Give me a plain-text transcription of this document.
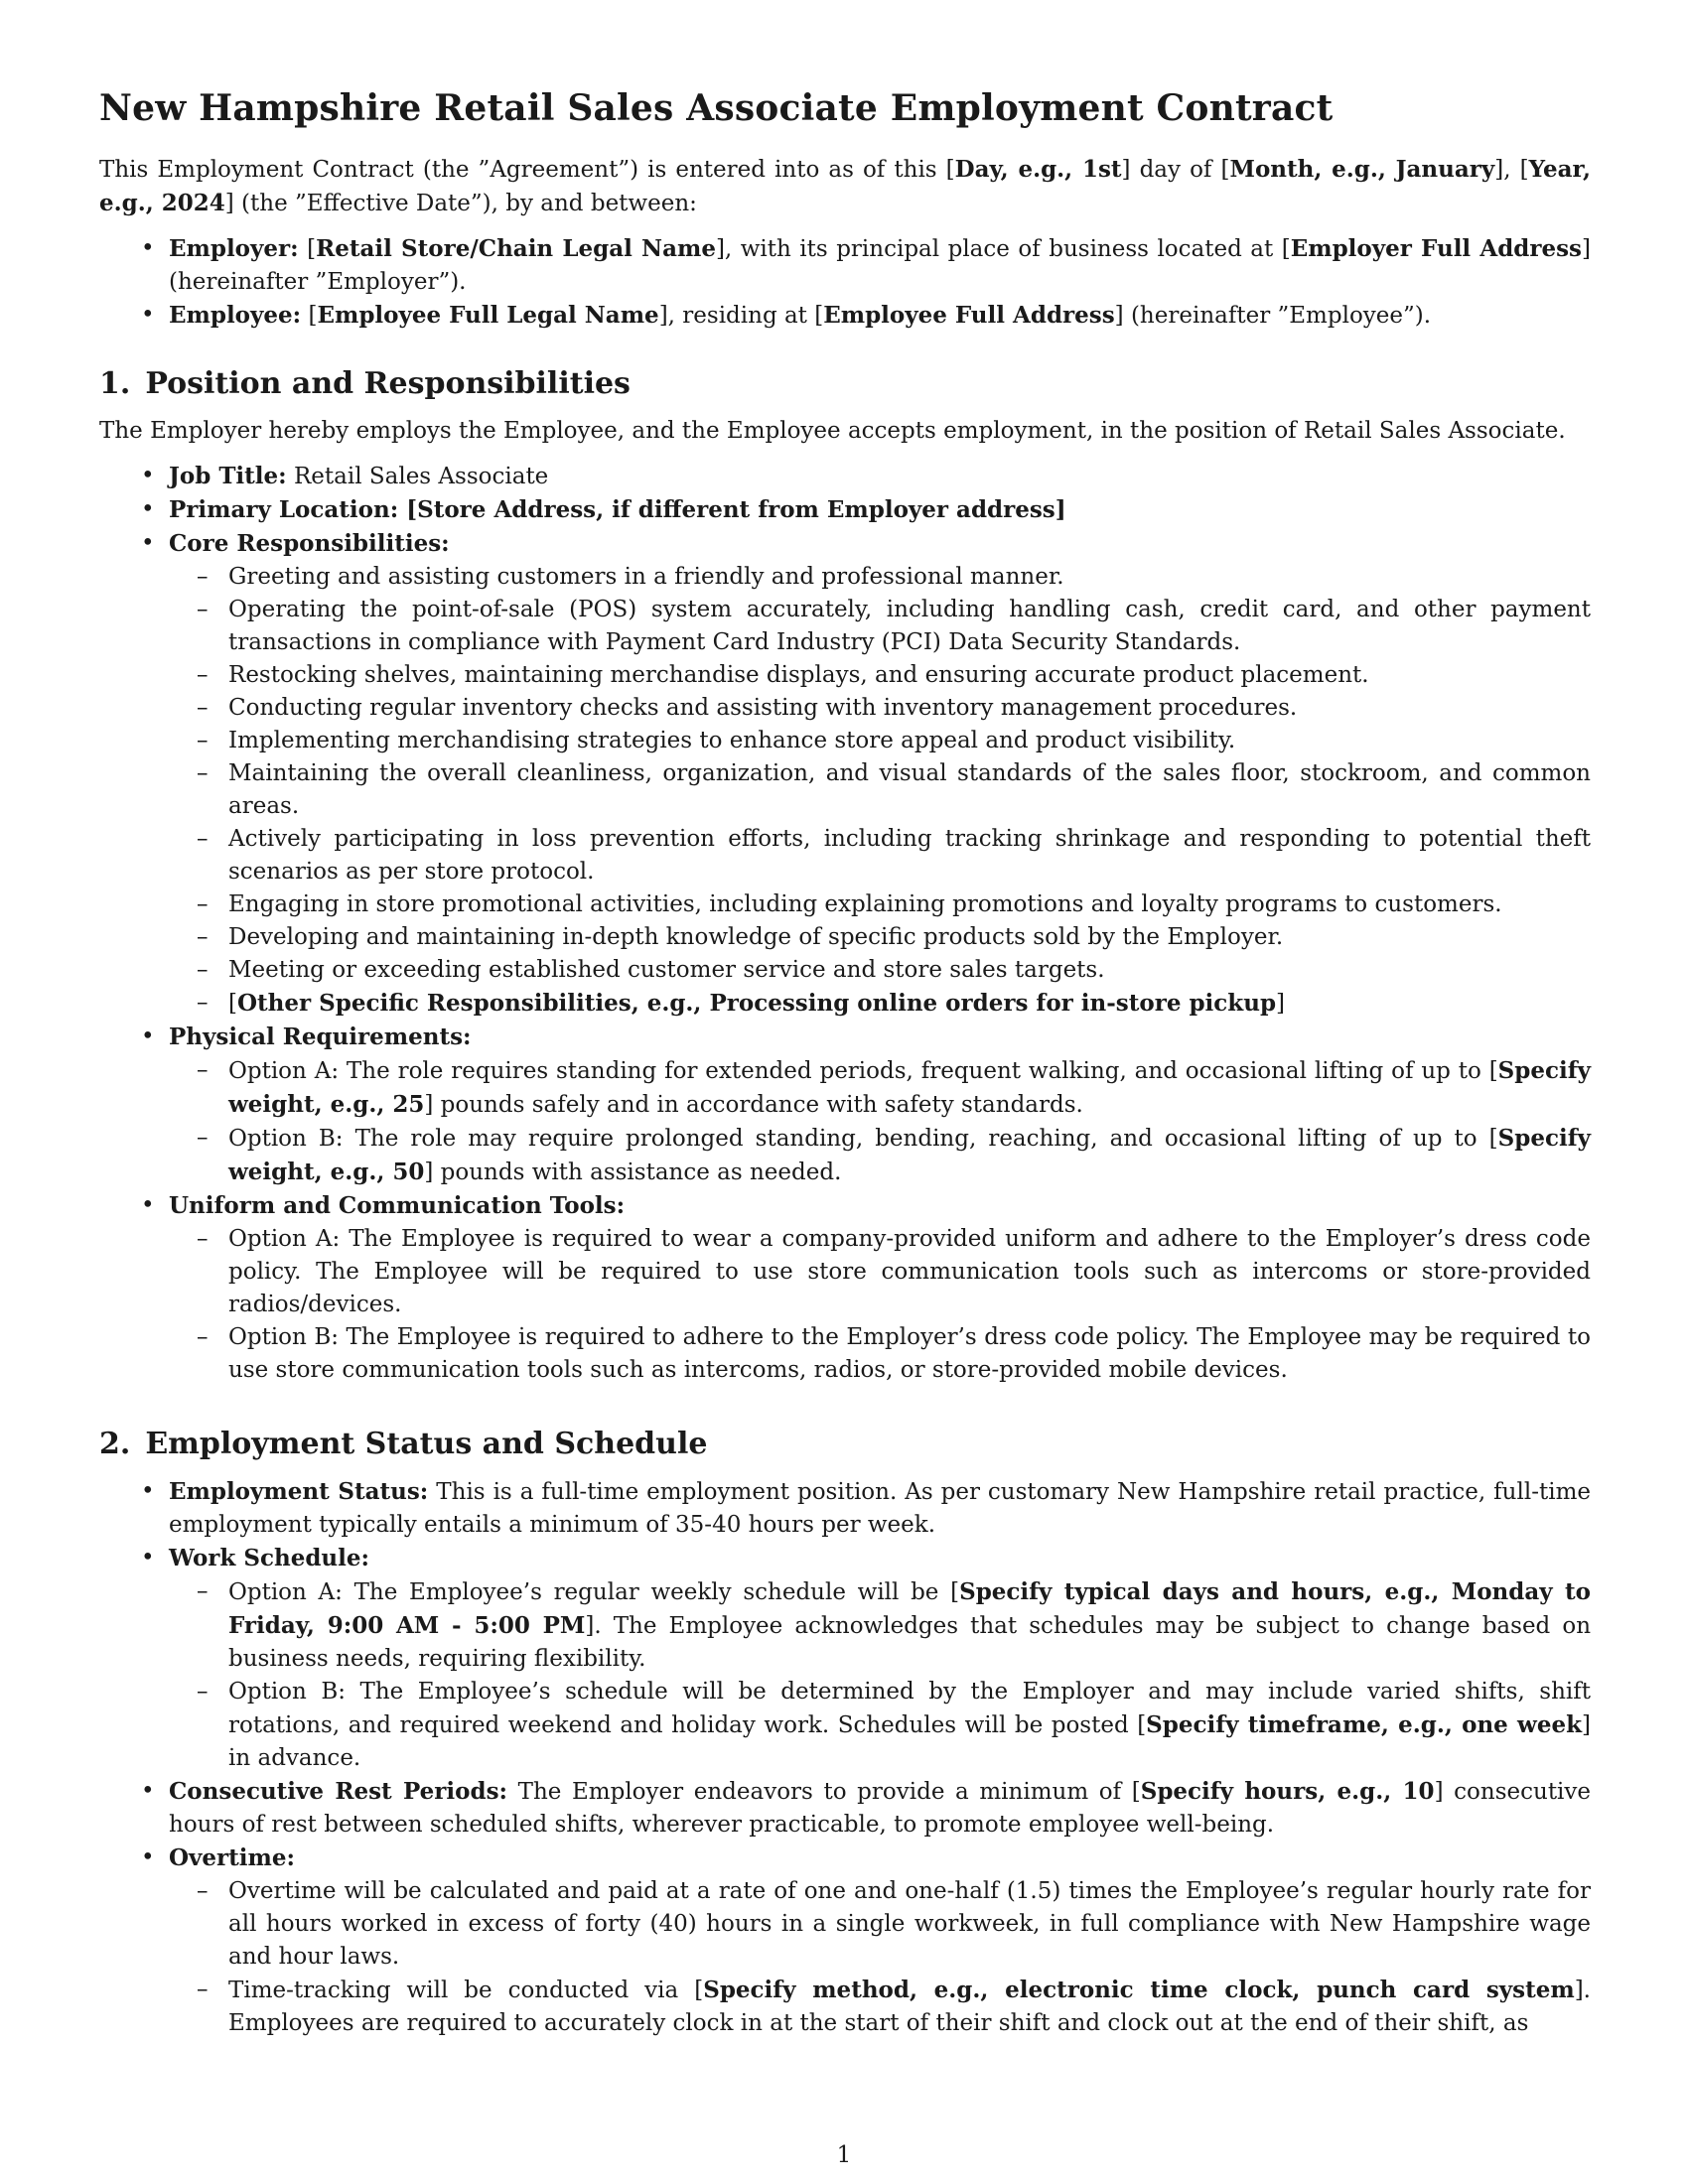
New Hampshire Retail Sales Associate Employment Contract

This Employment Contract (the ”Agreement”) is entered into as of this [Day, e.g., 1st] day of [Month, e.g., January], [Year, e.g., 2024] (the ”Effective Date”), by and between:

• Employer: [Retail Store/Chain Legal Name], with its principal place of business located at [Employer Full Address] (hereinafter ”Employer”).
• Employee: [Employee Full Legal Name], residing at [Employee Full Address] (hereinafter ”Employee”).
1. Position and Responsibilities

The Employer hereby employs the Employee, and the Employee accepts employment, in the position of Retail Sales Associate.

• Job Title: Retail Sales Associate
• Primary Location: [Store Address, if different from Employer address]
• Core Responsibilities:
– Greeting and assisting customers in a friendly and professional manner.
– Operating the point-of-sale (POS) system accurately, including handling cash, credit card, and other payment transactions in compliance with Payment Card Industry (PCI) Data Security Standards.
– Restocking shelves, maintaining merchandise displays, and ensuring accurate product placement.
– Conducting regular inventory checks and assisting with inventory management procedures.
– Implementing merchandising strategies to enhance store appeal and product visibility.
– Maintaining the overall cleanliness, organization, and visual standards of the sales floor, stockroom, and common areas.
– Actively participating in loss prevention efforts, including tracking shrinkage and responding to potential theft scenarios as per store protocol.
– Engaging in store promotional activities, including explaining promotions and loyalty programs to customers.
– Developing and maintaining in-depth knowledge of specific products sold by the Employer.
– Meeting or exceeding established customer service and store sales targets.
– [Other Specific Responsibilities, e.g., Processing online orders for in-store pickup]
• Physical Requirements:
– Option A: The role requires standing for extended periods, frequent walking, and occasional lifting of up to [Specify weight, e.g., 25] pounds safely and in accordance with safety standards.
– Option B: The role may require prolonged standing, bending, reaching, and occasional lifting of up to [Specify weight, e.g., 50] pounds with assistance as needed.
• Uniform and Communication Tools:
– Option A: The Employee is required to wear a company-provided uniform and adhere to the Employer’s dress code policy. The Employee will be required to use store communication tools such as intercoms or store-provided radios/devices.
– Option B: The Employee is required to adhere to the Employer’s dress code policy. The Employee may be required to use store communication tools such as intercoms, radios, or store-provided mobile devices.
2. Employment Status and Schedule
• Employment Status: This is a full-time employment position. As per customary New Hampshire retail practice, full-time employment typically entails a minimum of 35-40 hours per week.
• Work Schedule:
– Option A: The Employee’s regular weekly schedule will be [Specify typical days and hours, e.g., Monday to Friday, 9:00 AM - 5:00 PM]. The Employee acknowledges that schedules may be subject to change based on business needs, requiring flexibility.
– Option B: The Employee’s schedule will be determined by the Employer and may include varied shifts, shift rotations, and required weekend and holiday work. Schedules will be posted [Specify timeframe, e.g., one week] in advance.
• Consecutive Rest Periods: The Employer endeavors to provide a minimum of [Specify hours, e.g., 10] consecutive hours of rest between scheduled shifts, wherever practicable, to promote employee well-being.
• Overtime:
– Overtime will be calculated and paid at a rate of one and one-half (1.5) times the Employee’s regular hourly rate for all hours worked in excess of forty (40) hours in a single workweek, in full compliance with New Hampshire wage and hour laws.
– Time-tracking will be conducted via [Specify method, e.g., electronic time clock, punch card system]. Employees are required to accurately clock in at the start of their shift and clock out at the end of their shift, as
1
